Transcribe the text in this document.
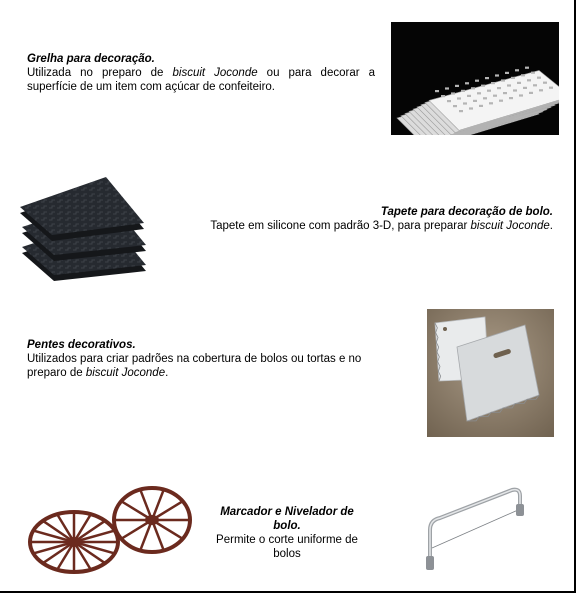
Grelha para decoração.
Utilizada no preparo de biscuit Joconde ou para decorar a superfície de um item com açúcar de confeiteiro.
Tapete para decoração de bolo.
Tapete em silicone com padrão 3-D, para preparar biscuit Joconde.
Pentes decorativos.
Utilizados para criar padrões na cobertura de bolos ou tortas e no preparo de biscuit Joconde.
Marcador e Nivelador de bolo.
Permite o corte uniforme de bolos
